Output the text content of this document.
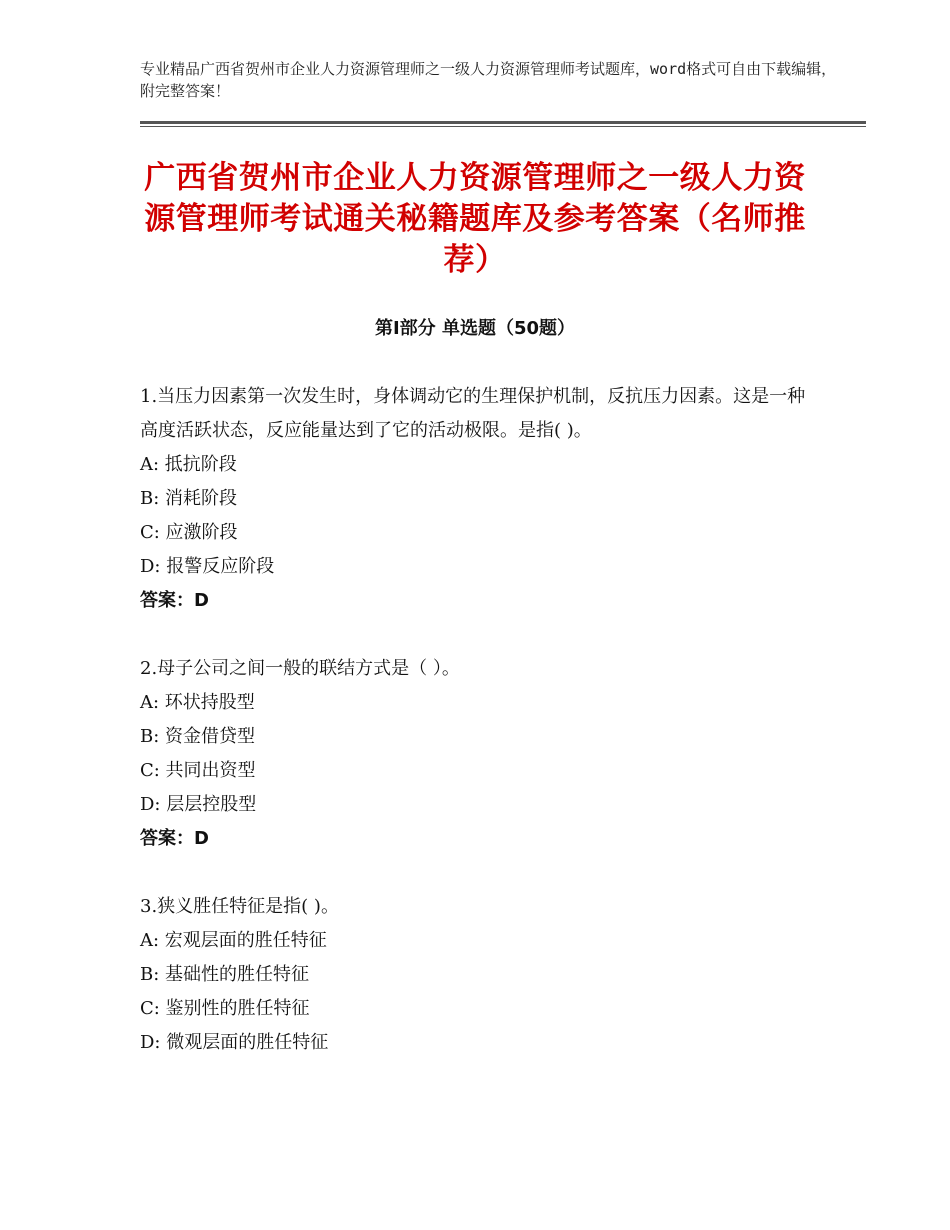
专业精品广西省贺州市企业人力资源管理师之一级人力资源管理师考试题库，word格式可自由下载编辑，附完整答案！
广西省贺州市企业人力资源管理师之一级人力资源管理师考试通关秘籍题库及参考答案（名师推荐）
第Ⅰ部分 单选题（50题）

1.当压力因素第一次发生时，身体调动它的生理保护机制，反抗压力因素。这是一种高度活跃状态，反应能量达到了它的活动极限。是指( )。

A: 抵抗阶段

B: 消耗阶段

C: 应激阶段

D: 报警反应阶段

答案：D

2.母子公司之间一般的联结方式是（ ）。

A: 环状持股型

B: 资金借贷型

C: 共同出资型

D: 层层控股型

答案：D

3.狭义胜任特征是指( )。

A: 宏观层面的胜任特征

B: 基础性的胜任特征

C: 鉴别性的胜任特征

D: 微观层面的胜任特征
